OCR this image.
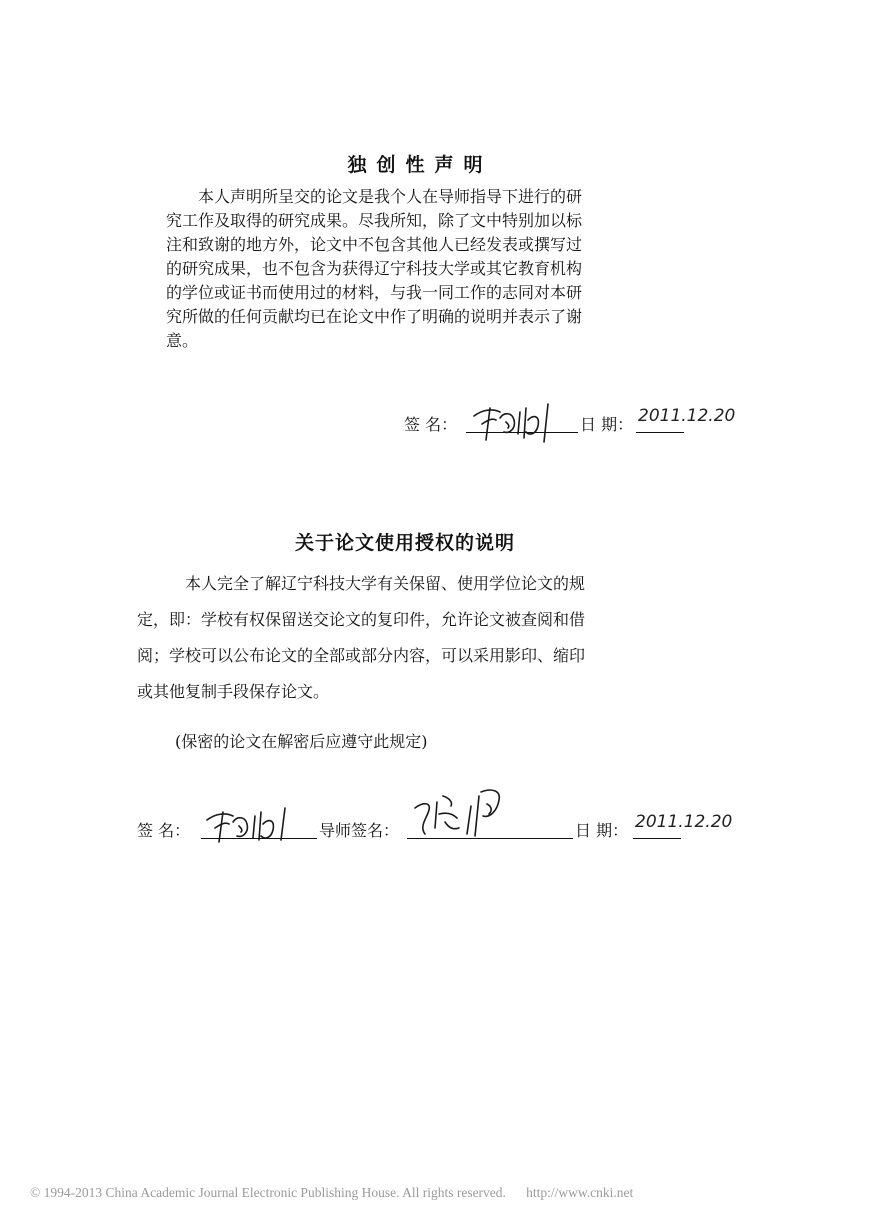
独创性声明
本人声明所呈交的论文是我个人在导师指导下进行的研
究工作及取得的研究成果。尽我所知，除了文中特别加以标
注和致谢的地方外，论文中不包含其他人已经发表或撰写过
的研究成果，也不包含为获得辽宁科技大学或其它教育机构
的学位或证书而使用过的材料，与我一同工作的志同对本研
究所做的任何贡献均已在论文中作了明确的说明并表示了谢
意。
签 名：	日 期： 2011.12.20
关于论文使用授权的说明
本人完全了解辽宁科技大学有关保留、使用学位论文的规
定，即：学校有权保留送交论文的复印件，允许论文被查阅和借
阅；学校可以公布论文的全部或部分内容，可以采用影印、缩印
或其他复制手段保存论文。
(保密的论文在解密后应遵守此规定)
签 名：	导师签名：	日 期： 2011.12.20
© 1994-2013 China Academic Journal Electronic Publishing House. All rights reserved. http://www.cnki.net
